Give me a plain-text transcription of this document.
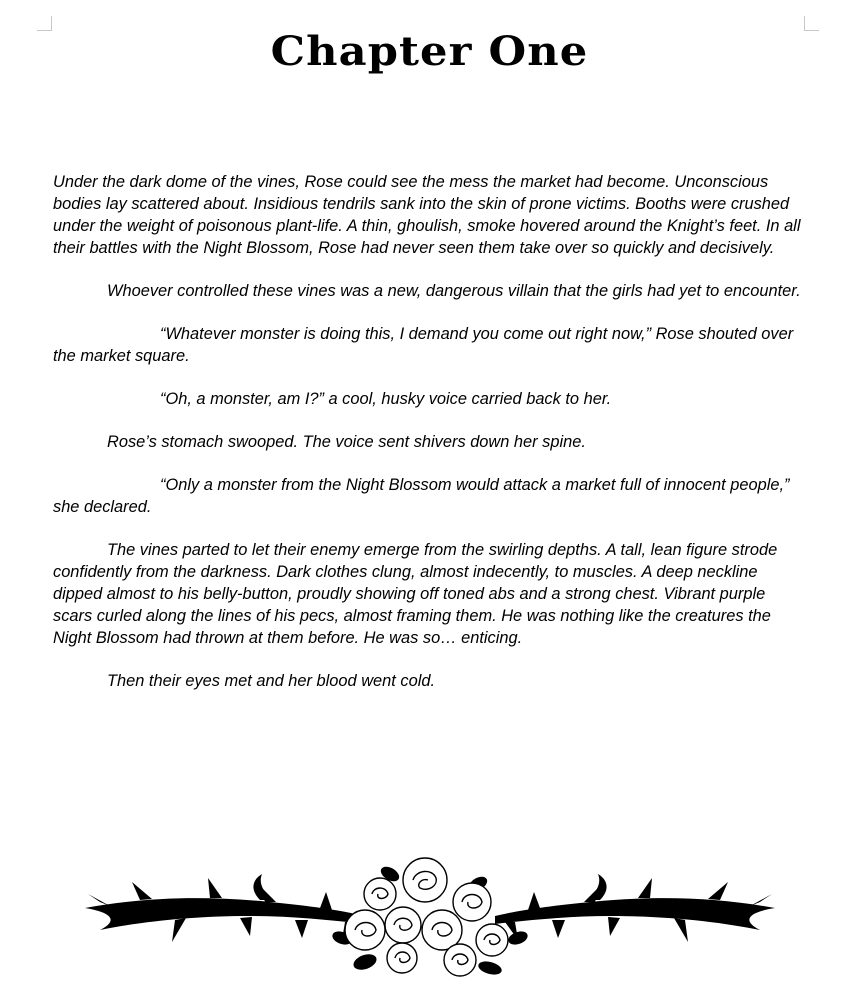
Chapter One

Under the dark dome of the vines, Rose could see the mess the market had become. Unconscious bodies lay scattered about. Insidious tendrils sank into the skin of prone victims. Booths were crushed under the weight of poisonous plant-life. A thin, ghoulish, smoke hovered around the Knight’s feet. In all their battles with the Night Blossom, Rose had never seen them take over so quickly and decisively.

Whoever controlled these vines was a new, dangerous villain that the girls had yet to encounter.

“Whatever monster is doing this, I demand you come out right now,” Rose shouted over the market square.

“Oh, a monster, am I?” a cool, husky voice carried back to her.

Rose’s stomach swooped. The voice sent shivers down her spine.

“Only a monster from the Night Blossom would attack a market full of innocent people,” she declared.

The vines parted to let their enemy emerge from the swirling depths. A tall, lean figure strode confidently from the darkness. Dark clothes clung, almost indecently, to muscles. A deep neckline dipped almost to his belly-button, proudly showing off toned abs and a strong chest. Vibrant purple scars curled along the lines of his pecs, almost framing them. He was nothing like the creatures the Night Blossom had thrown at them before. He was so… enticing.

Then their eyes met and her blood went cold.
